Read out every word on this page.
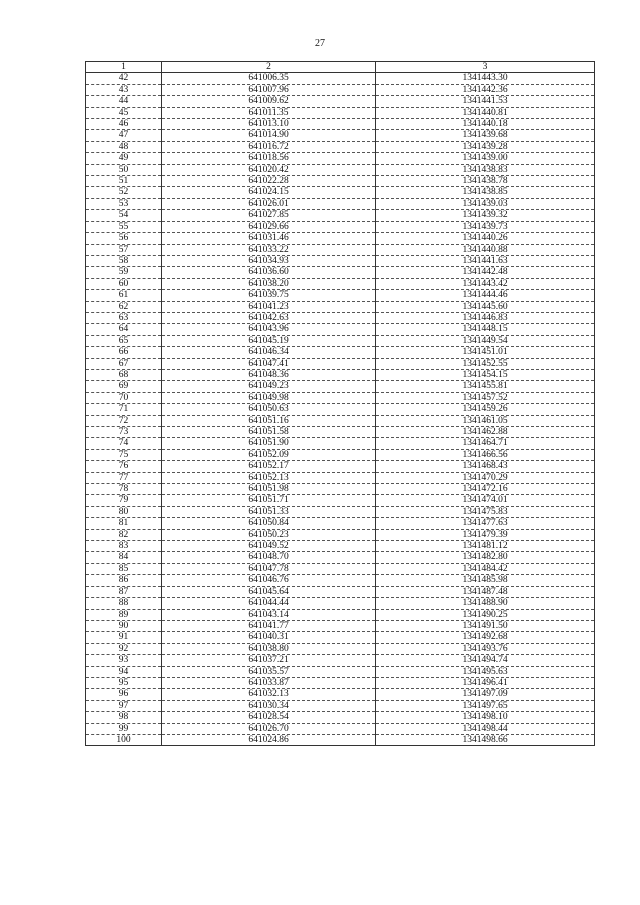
27
1	2	3
42	641006.35	1341443.30
43	641007.96	1341442.36
44	641009.62	1341441.53
45	641011.35	1341440.81
46	641013.10	1341440.18
47	641014.90	1341439.68
48	641016.72	1341439.28
49	641018.56	1341439.00
50	641020.42	1341438.83
51	641022.28	1341438.78
52	641024.15	1341438.85
53	641026.01	1341439.03
54	641027.85	1341439.32
55	641029.66	1341439.73
56	641031.46	1341440.26
57	641033.22	1341440.88
58	641034.93	1341441.63
59	641036.60	1341442.48
60	641038.20	1341443.42
61	641039.75	1341444.46
62	641041.23	1341445.60
63	641042.63	1341446.83
64	641043.96	1341448.15
65	641045.19	1341449.54
66	641046.34	1341451.01
67	641047.41	1341452.55
68	641048.36	1341454.15
69	641049.23	1341455.81
70	641049.98	1341457.52
71	641050.63	1341459.26
72	641051.16	1341461.05
73	641051.58	1341462.88
74	641051.90	1341464.71
75	641052.09	1341466.56
76	641052.17	1341468.43
77	641052.13	1341470.29
78	641051.98	1341472.16
79	641051.71	1341474.01
80	641051.33	1341475.83
81	641050.84	1341477.63
82	641050.23	1341479.39
83	641049.52	1341481.12
84	641048.70	1341482.80
85	641047.78	1341484.42
86	641046.76	1341485.98
87	641045.64	1341487.48
88	641044.44	1341488.90
89	641043.14	1341490.25
90	641041.77	1341491.50
91	641040.31	1341492.68
92	641038.80	1341493.76
93	641037.21	1341494.74
94	641035.57	1341495.63
95	641033.87	1341496.41
96	641032.13	1341497.09
97	641030.34	1341497.65
98	641028.54	1341498.10
99	641026.70	1341498.44
100	641024.86	1341498.66
